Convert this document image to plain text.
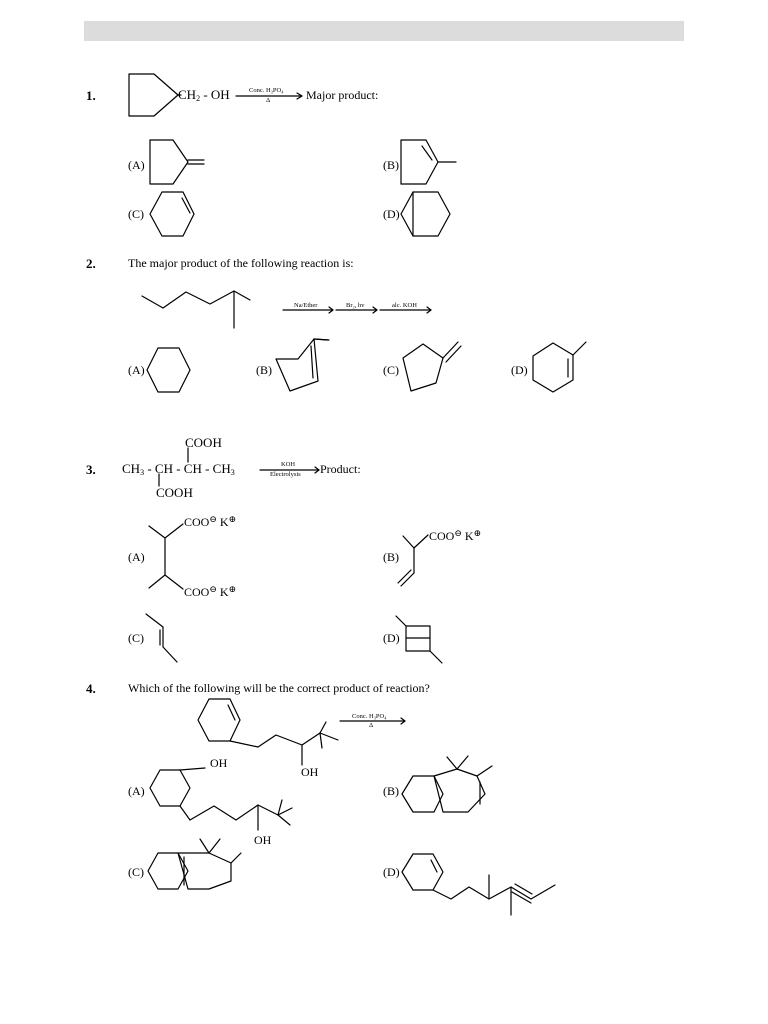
1.	$CH_2$ - OH	Conc. H₃PO₄
Δ	Major product:
(A)	(B)
(C)	(D)
2.	The major product of the following reaction is:
Na/Ether	Br₂, hv	alc. KOH
(A)	(B)	(C)	(D)
3.
COOH
$CH_3$ - CH - CH - $CH_3$
COOH
KOH
Electrolysis Product:
(A)	(B)
(C)	(D)
COO⊖ K⊕
COO⊖ K⊕
COO⊖ K⊕
4.	Which of the following will be the correct product of reaction?
Conc. H₃PO₄
Δ
OH
(A)	(B)
(C)	(D)
OH
OH
